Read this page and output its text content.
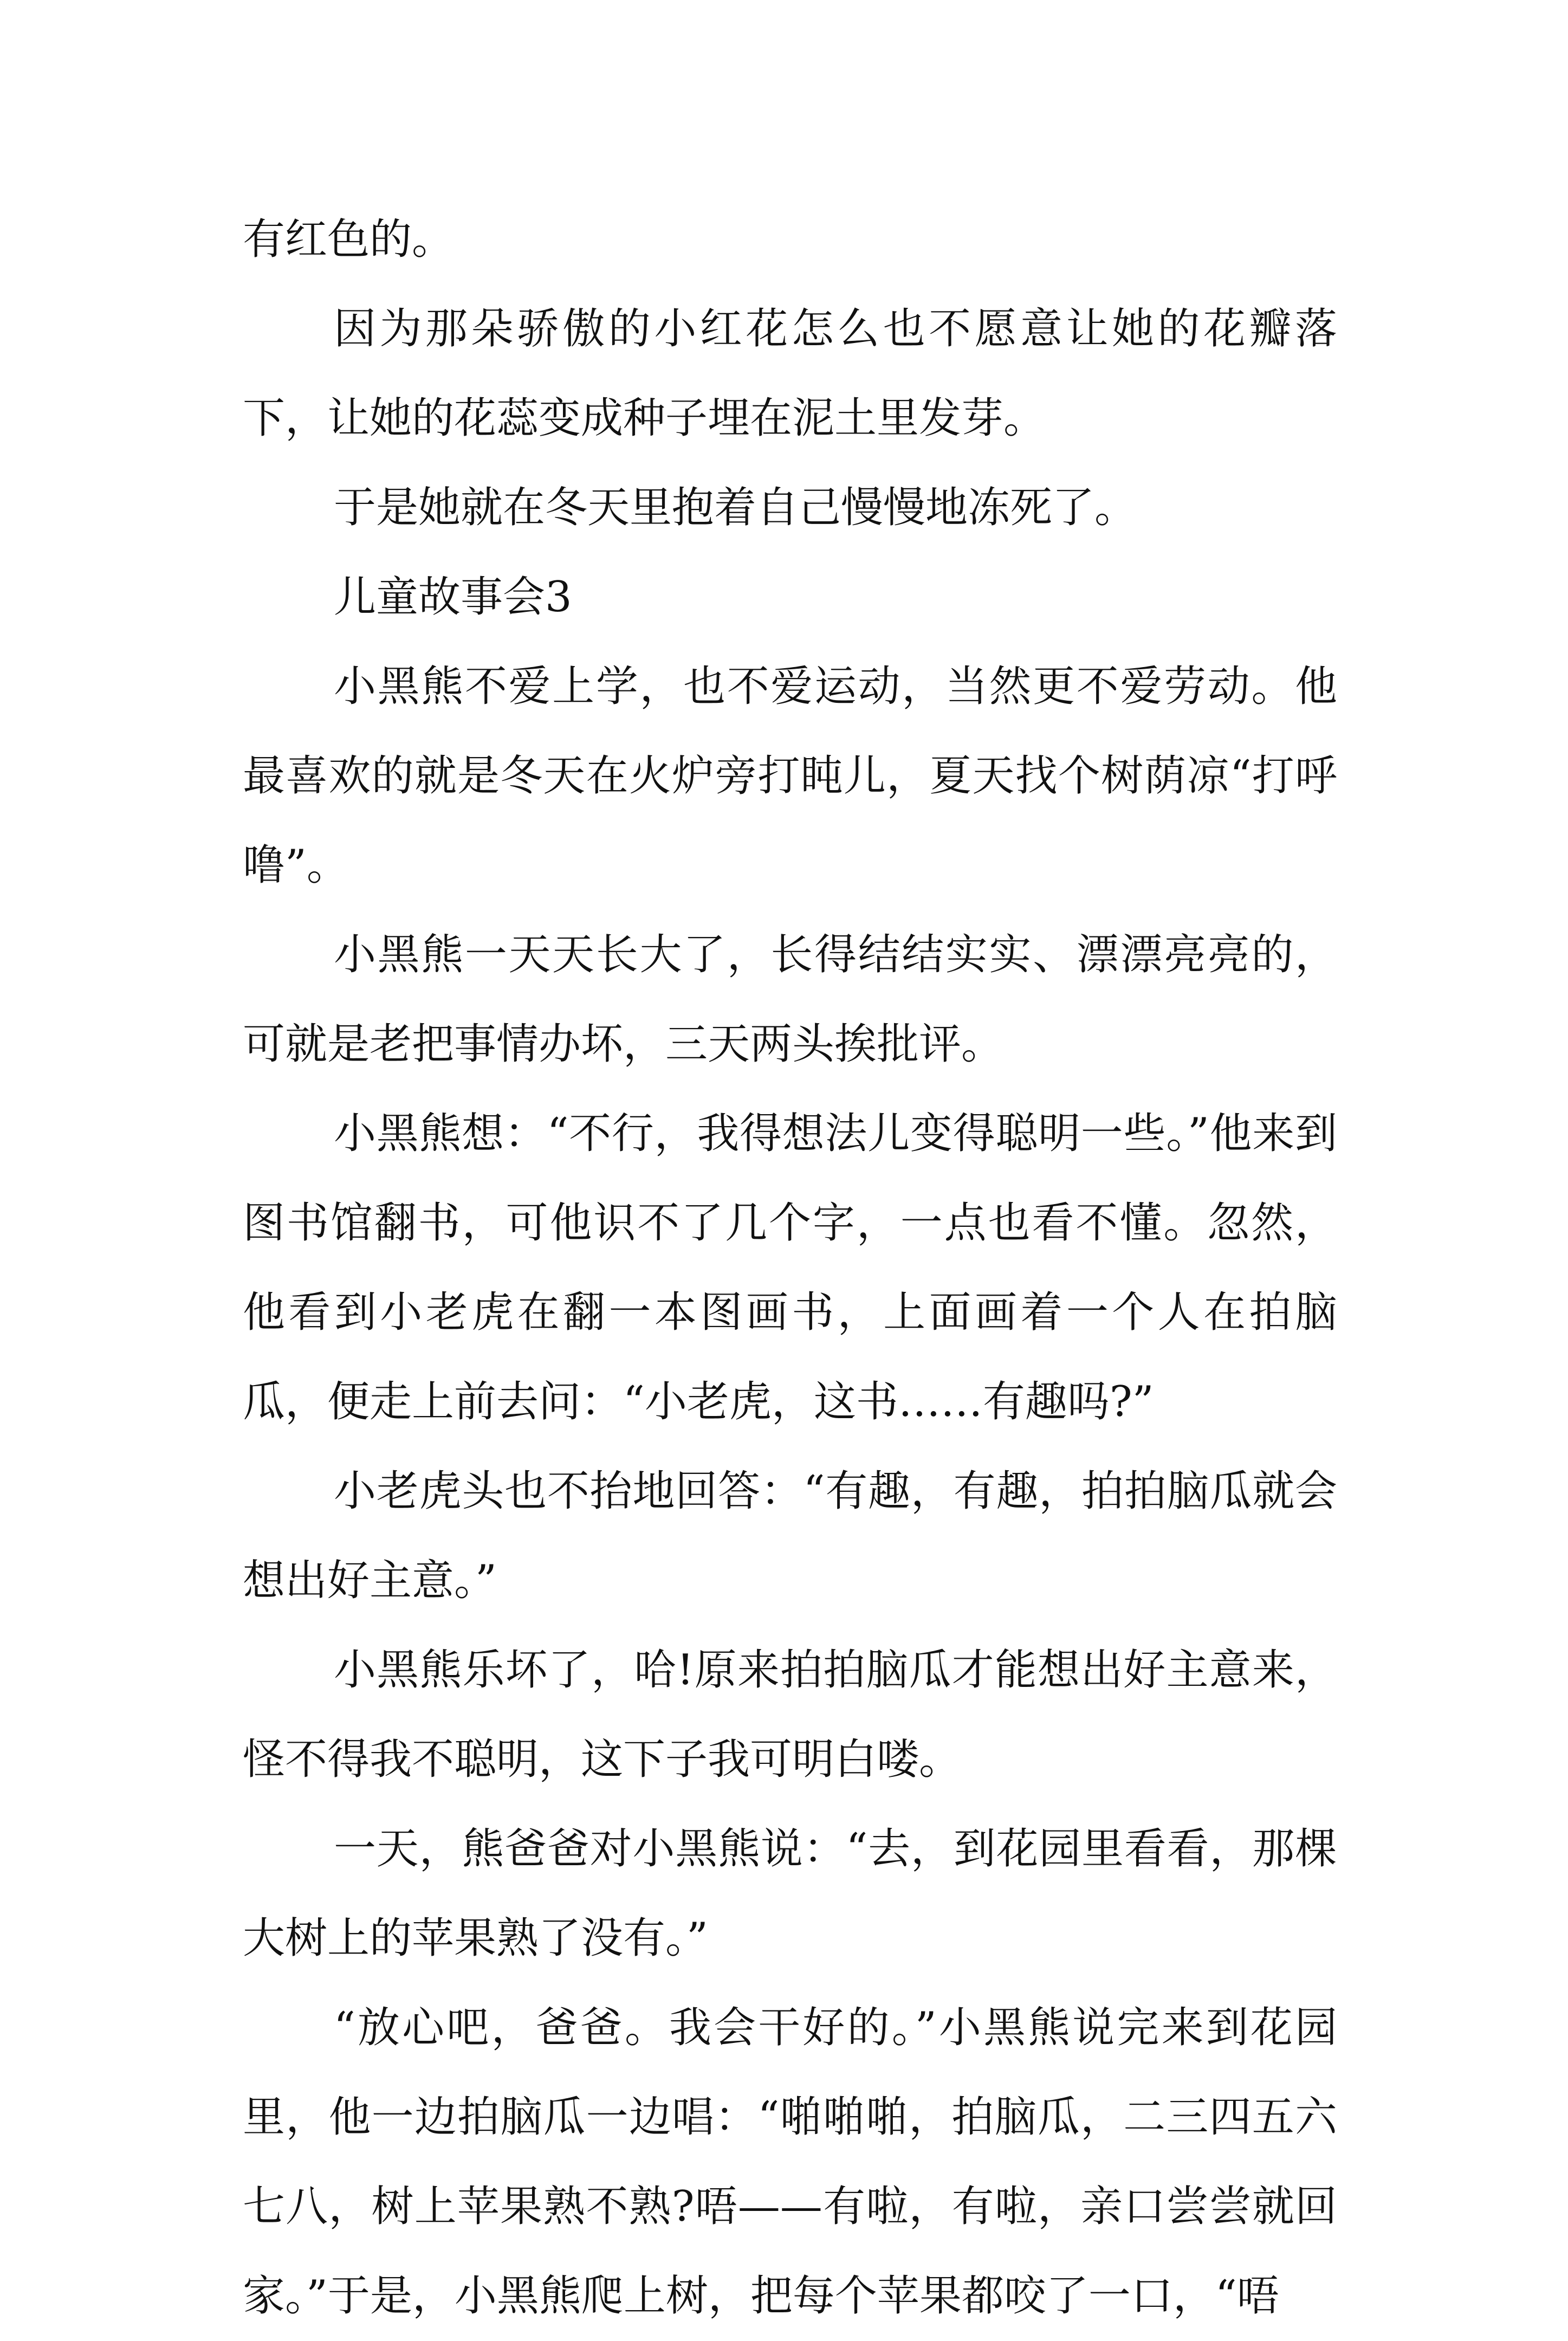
有红色的。

因为那朵骄傲的小红花怎么也不愿意让她的花瓣落下，让她的花蕊变成种子埋在泥土里发芽。

于是她就在冬天里抱着自己慢慢地冻死了。

儿童故事会3

小黑熊不爱上学，也不爱运动，当然更不爱劳动。他最喜欢的就是冬天在火炉旁打盹儿，夏天找个树荫凉“打呼噜”。

小黑熊一天天长大了，长得结结实实、漂漂亮亮的，可就是老把事情办坏，三天两头挨批评。

小黑熊想：“不行，我得想法儿变得聪明一些。”他来到图书馆翻书，可他识不了几个字，一点也看不懂。忽然，他看到小老虎在翻一本图画书，上面画着一个人在拍脑瓜，便走上前去问：“小老虎，这书……有趣吗?”

小老虎头也不抬地回答：“有趣，有趣，拍拍脑瓜就会想出好主意。”

小黑熊乐坏了，哈!原来拍拍脑瓜才能想出好主意来，怪不得我不聪明，这下子我可明白喽。

一天，熊爸爸对小黑熊说：“去，到花园里看看，那棵大树上的苹果熟了没有。”

“放心吧，爸爸。我会干好的。”小黑熊说完来到花园里，他一边拍脑瓜一边唱：“啪啪啪，拍脑瓜，二三四五六七八，树上苹果熟不熟?唔——有啦，有啦，亲口尝尝就回家。”于是，小黑熊爬上树，把每个苹果都咬了一口，“唔
